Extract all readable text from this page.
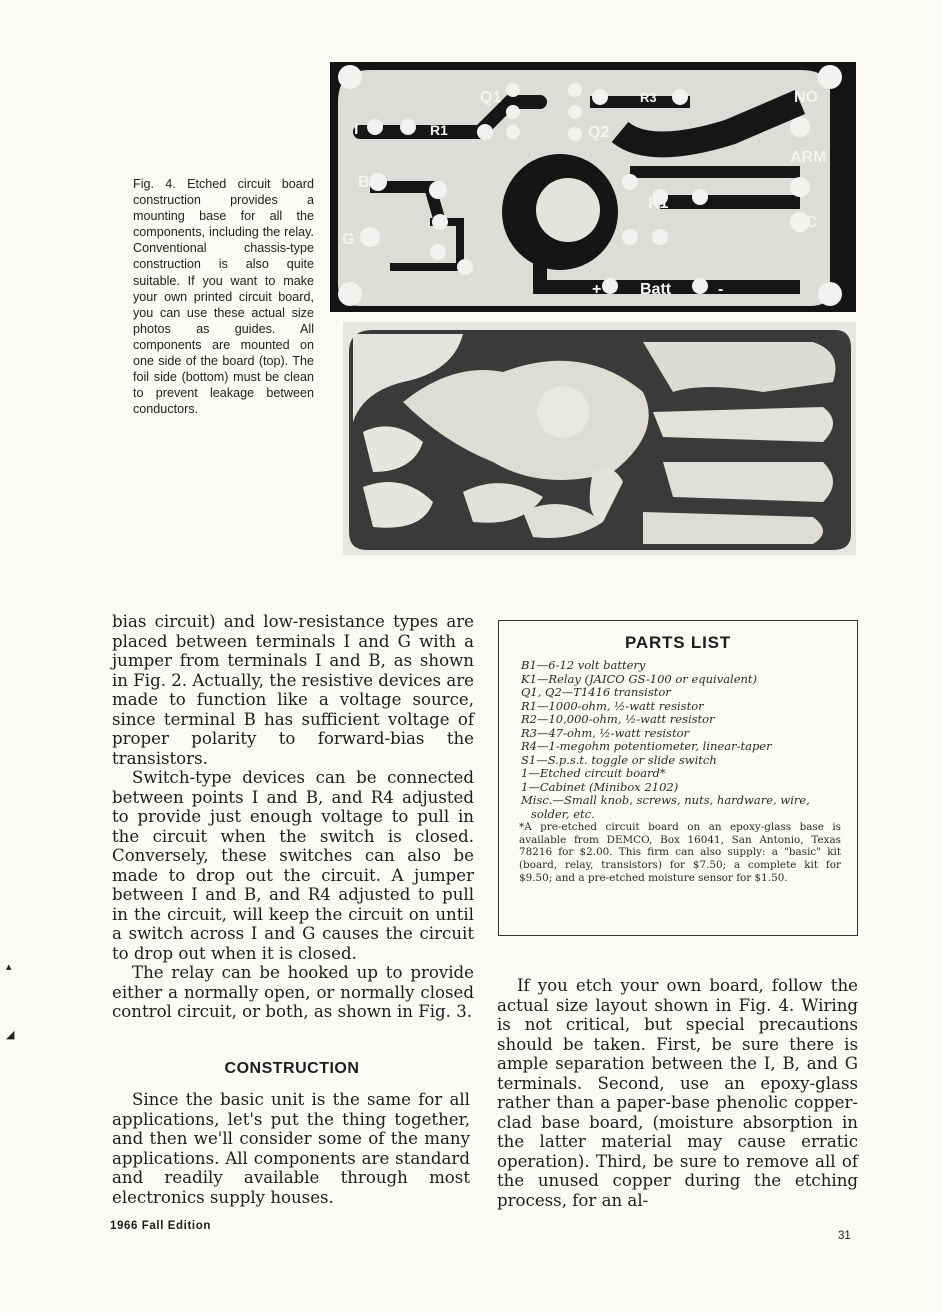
Fig. 4. Etched circuit board construction provides a mounting base for all the components, including the relay. Conventional chassis-type construction is also quite suitable. If you want to make your own printed circuit board, you can use these actual size photos as guides. All components are mounted on one side of the board (top). The foil side (bottom) must be clean to prevent leakage between conductors.
Q1
Q2
R1
R3
K1
NO
ARM
NC
I
B
G
+ Batt	-

bias circuit) and low-resistance types are placed between terminals I and G with a jumper from terminals I and B, as shown in Fig. 2. Actually, the resistive devices are made to function like a voltage source, since terminal B has sufficient voltage of proper polarity to forward-bias the transistors.

Switch-type devices can be connected between points I and B, and R4 adjusted to provide just enough voltage to pull in the circuit when the switch is closed. Conversely, these switches can also be made to drop out the circuit. A jumper between I and B, and R4 adjusted to pull in the circuit, will keep the circuit on until a switch across I and G causes the circuit to drop out when it is closed.

The relay can be hooked up to provide either a normally open, or normally closed control circuit, or both, as shown in Fig. 3.

CONSTRUCTION
Since the basic unit is the same for all applications, let's put the thing together, and then we'll consider some of the many applications. All components are standard and readily available through most electronics supply houses.
PARTS LIST
B1—6-12 volt battery
K1—Relay (JAICO GS-100 or equivalent)
Q1, Q2—T1416 transistor
R1—1000-ohm, ½-watt resistor
R2—10,000-ohm, ½-watt resistor
R3—47-ohm, ½-watt resistor
R4—1-megohm potentiometer, linear-taper
S1—S.p.s.t. toggle or slide switch
1—Etched circuit board*
1—Cabinet (Minibox 2102)
Misc.—Small knob, screws, nuts, hardware, wire, solder, etc.
*A pre-etched circuit board on an epoxy-glass base is available from DEMCO, Box 16041, San Antonio, Texas 78216 for $2.00. This firm can also supply: a "basic" kit (board, relay, transistors) for $7.50; a complete kit for $9.50; and a pre-etched moisture sensor for $1.50.
If you etch your own board, follow the actual size layout shown in Fig. 4. Wiring is not critical, but special precautions should be taken. First, be sure there is ample separation between the I, B, and G terminals. Second, use an epoxy-glass rather than a paper-base phenolic copper-clad base board, (moisture absorption in the latter material may cause erratic operation). Third, be sure to remove all of the unused copper during the etching process, for an al-
▴
◢
1966 Fall Edition
31
